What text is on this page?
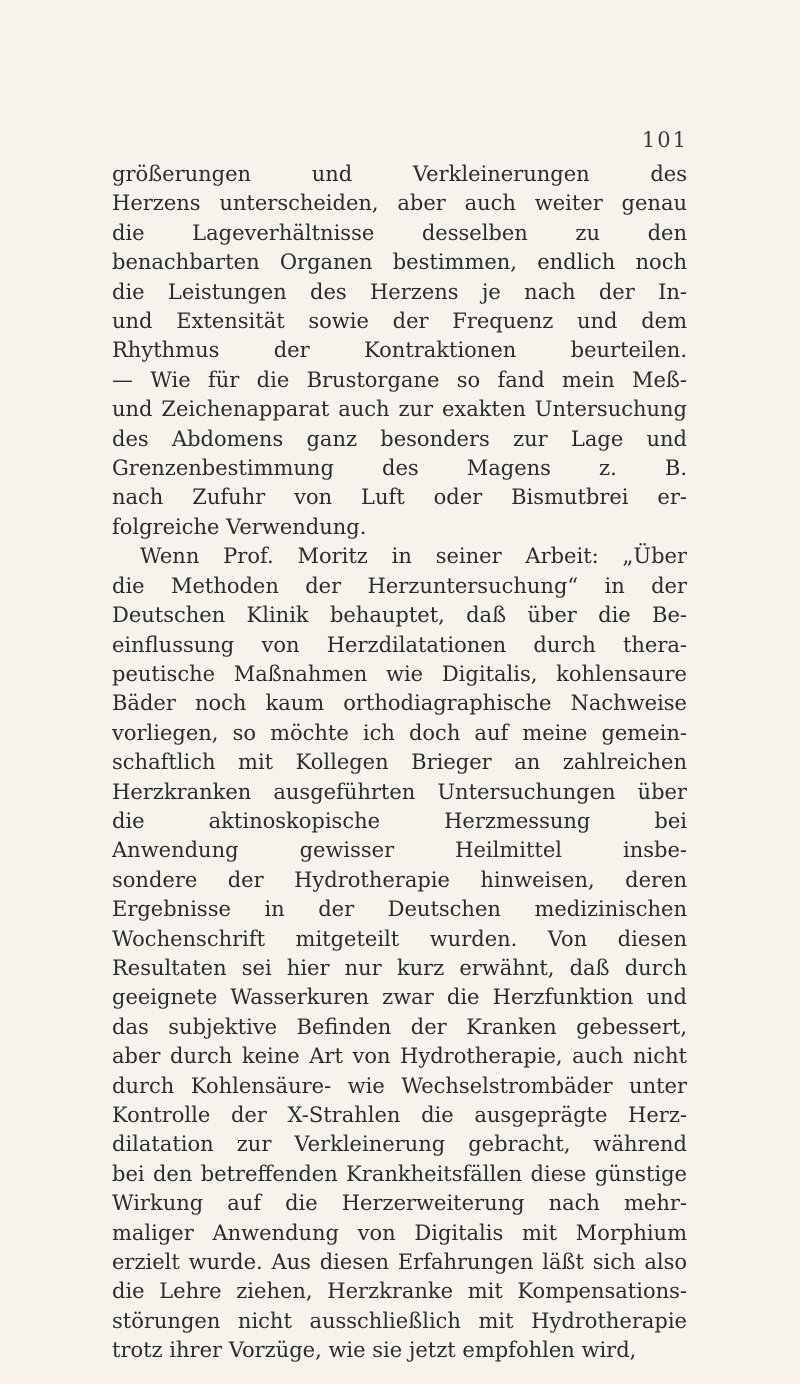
101
größerungen und Verkleinerungen des
Herzens unterscheiden, aber auch weiter genau
die Lageverhältnisse desselben zu den
benachbarten Organen bestimmen, endlich noch
die Leistungen des Herzens je nach der In-
und Extensität sowie der Frequenz und dem
Rhythmus der Kontraktionen beurteilen.
— Wie für die Brustorgane so fand mein Meß-
und Zeichenapparat auch zur exakten Untersuchung
des Abdomens ganz besonders zur Lage und
Grenzenbestimmung des Magens z. B.
nach Zufuhr von Luft oder Bismutbrei er-
folgreiche Verwendung.
Wenn Prof. Moritz in seiner Arbeit: „Über
die Methoden der Herzuntersuchung“ in der
Deutschen Klinik behauptet, daß über die Be-
einflussung von Herzdilatationen durch thera-
peutische Maßnahmen wie Digitalis, kohlensaure
Bäder noch kaum orthodiagraphische Nachweise
vorliegen, so möchte ich doch auf meine gemein-
schaftlich mit Kollegen Brieger an zahlreichen
Herzkranken ausgeführten Untersuchungen über
die aktinoskopische Herzmessung bei
Anwendung gewisser Heilmittel insbe-
sondere der Hydrotherapie hinweisen, deren
Ergebnisse in der Deutschen medizinischen
Wochenschrift mitgeteilt wurden. Von diesen
Resultaten sei hier nur kurz erwähnt, daß durch
geeignete Wasserkuren zwar die Herzfunktion und
das subjektive Befinden der Kranken gebessert,
aber durch keine Art von Hydrotherapie, auch nicht
durch Kohlensäure- wie Wechselstrombäder unter
Kontrolle der X-Strahlen die ausgeprägte Herz-
dilatation zur Verkleinerung gebracht, während
bei den betreffenden Krankheitsfällen diese günstige
Wirkung auf die Herzerweiterung nach mehr-
maliger Anwendung von Digitalis mit Morphium
erzielt wurde. Aus diesen Erfahrungen läßt sich also
die Lehre ziehen, Herzkranke mit Kompensations-
störungen nicht ausschließlich mit Hydrotherapie
trotz ihrer Vorzüge, wie sie jetzt empfohlen wird,
